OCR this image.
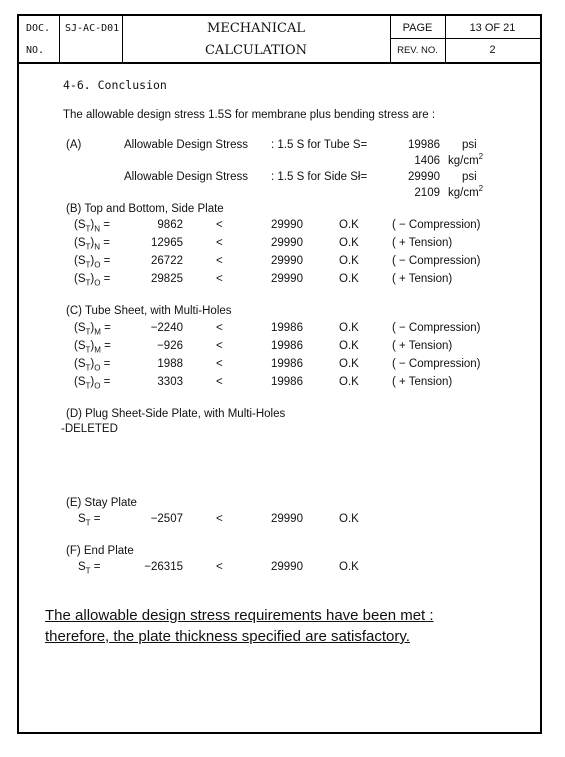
DOC.
NO.
SJ-AC-D01	MECHANICAL
CALCULATION
PAGE	13 OF 21
REV. NO.	2
4-6. Conclusion
The allowable design stress 1.5S for membrane plus bending stress are :
(A)	Allowable Design Stress : 1.5 S for Tube S=	19986 psi
1406 $kg/cm^2$
Allowable Design Stress : 1.5 S for Side Sł=	29990 psi
2109 $kg/cm^2$
(B) Top and Bottom, Side Plate
$(S_T)_N$ =	9862	<	29990	O.K	( − Compression)
$(S_T)_N$ =	12965	<	29990	O.K	( + Tension)
$(S_T)_O$ =	26722	<	29990	O.K	( − Compression)
$(S_T)_O$ =	29825	<	29990	O.K	( + Tension)
(C) Tube Sheet, with Multi-Holes
$(S_T)_M$ =	−2240	<	19986	O.K	( − Compression)
$(S_T)_M$ =	−926	<	19986	O.K	( + Tension)
$(S_T)_O$ =	1988	<	19986	O.K	( − Compression)
$(S_T)_O$ =	3303	<	19986	O.K	( + Tension)
(D) Plug Sheet-Side Plate, with Multi-Holes
-DELETED
(E) Stay Plate
$S_T$ =	−2507	<	29990	O.K
(F) End Plate
$S_T$ =	−26315	<	29990	O.K
The allowable design stress requirements have been met :
therefore, the plate thickness specified are satisfactory.
